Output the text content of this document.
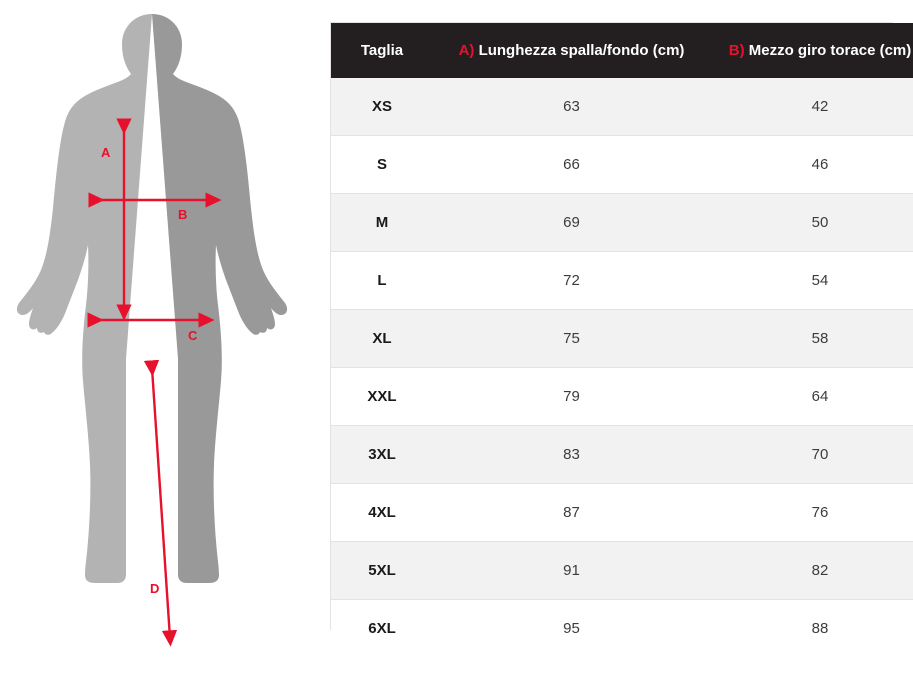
A
B
C
D
Taglia	A) Lunghezza spalla/fondo (cm)	B) Mezzo giro torace (cm)
XS	63	42
S	66	46
M	69	50
L	72	54
XL	75	58
XXL	79	64
3XL	83	70
4XL	87	76
5XL	91	82
6XL	95	88
